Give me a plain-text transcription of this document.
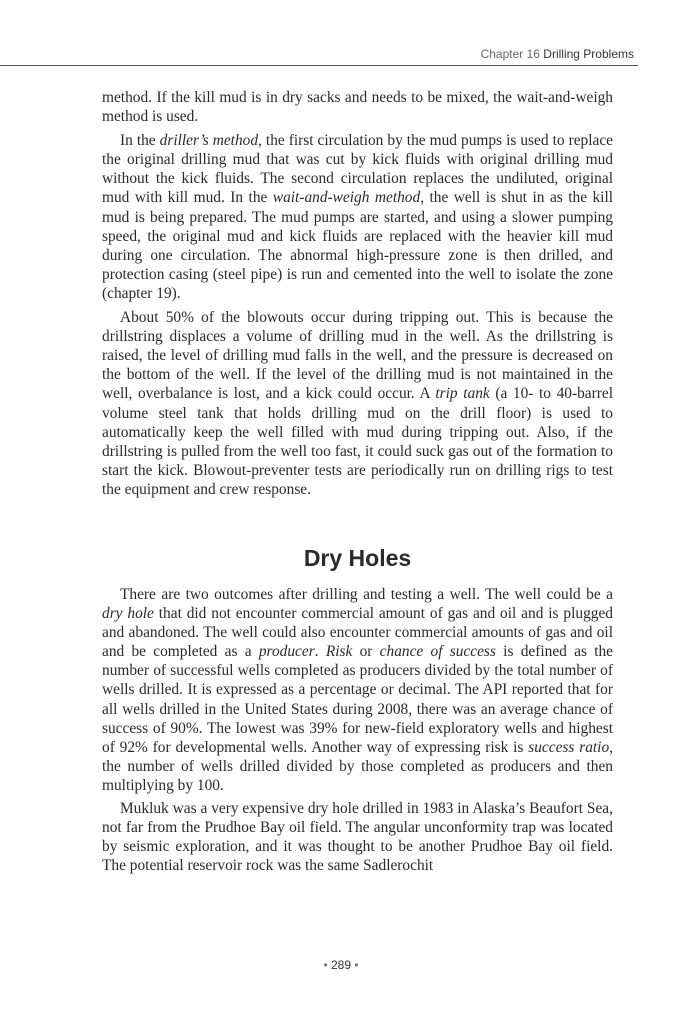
Chapter 16 Drilling Problems

method. If the kill mud is in dry sacks and needs to be mixed, the wait-and-weigh method is used.

In the driller’s method, the first circulation by the mud pumps is used to replace the original drilling mud that was cut by kick fluids with original drilling mud without the kick fluids. The second circulation replaces the undiluted, original mud with kill mud. In the wait-and-weigh method, the well is shut in as the kill mud is being prepared. The mud pumps are started, and using a slower pumping speed, the original mud and kick fluids are replaced with the heavier kill mud during one circulation. The abnormal high-pressure zone is then drilled, and protection casing (steel pipe) is run and cemented into the well to isolate the zone (chapter 19).

About 50% of the blowouts occur during tripping out. This is because the drillstring displaces a volume of drilling mud in the well. As the drillstring is raised, the level of drilling mud falls in the well, and the pressure is decreased on the bottom of the well. If the level of the drilling mud is not maintained in the well, overbalance is lost, and a kick could occur. A trip tank (a 10- to 40-barrel volume steel tank that holds drilling mud on the drill floor) is used to automatically keep the well filled with mud during tripping out. Also, if the drillstring is pulled from the well too fast, it could suck gas out of the formation to start the kick. Blowout-preventer tests are periodically run on drilling rigs to test the equipment and crew response.

Dry Holes

There are two outcomes after drilling and testing a well. The well could be a dry hole that did not encounter commercial amount of gas and oil and is plugged and abandoned. The well could also encounter commercial amounts of gas and oil and be completed as a producer. Risk or chance of success is defined as the number of successful wells completed as producers divided by the total number of wells drilled. It is expressed as a percentage or decimal. The API reported that for all wells drilled in the United States during 2008, there was an average chance of success of 90%. The lowest was 39% for new-field exploratory wells and highest of 92% for developmental wells. Another way of expressing risk is success ratio, the number of wells drilled divided by those completed as producers and then multiplying by 100.

Mukluk was a very expensive dry hole drilled in 1983 in Alaska’s Beaufort Sea, not far from the Prudhoe Bay oil field. The angular unconformity trap was located by seismic exploration, and it was thought to be another Prudhoe Bay oil field. The potential reservoir rock was the same Sadlerochit

• 289 •
